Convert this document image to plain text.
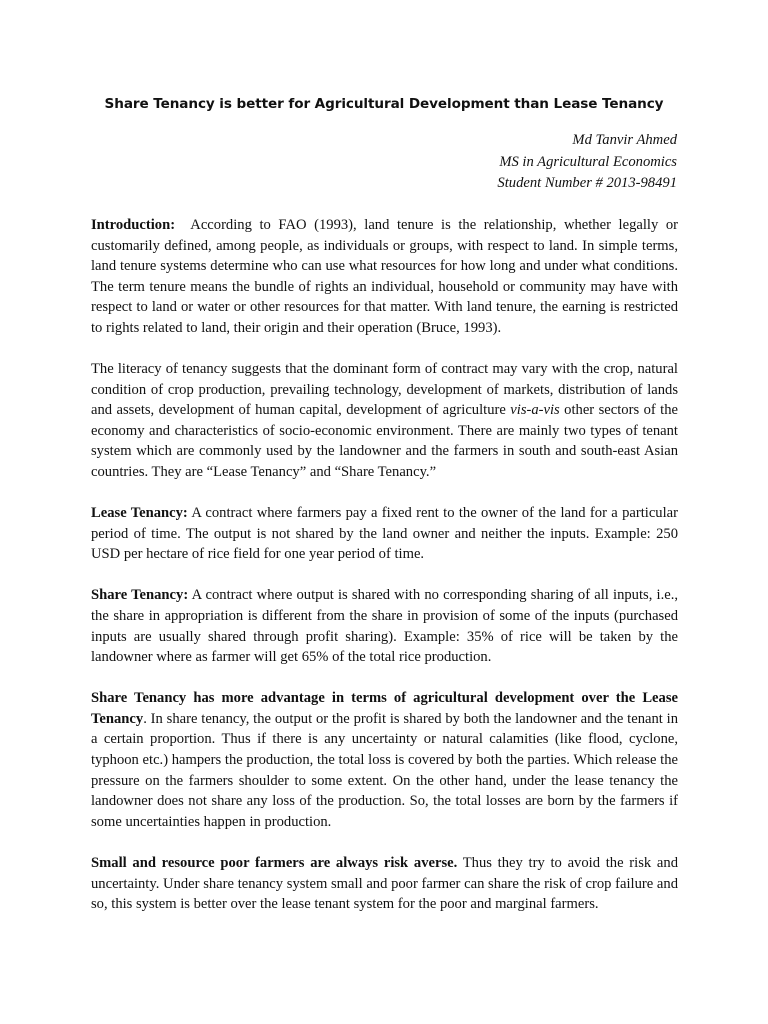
Share Tenancy is better for Agricultural Development than Lease Tenancy
Md Tanvir Ahmed
MS in Agricultural Economics
Student Number # 2013-98491

Introduction: According to FAO (1993), land tenure is the relationship, whether legally or customarily defined, among people, as individuals or groups, with respect to land. In simple terms, land tenure systems determine who can use what resources for how long and under what conditions. The term tenure means the bundle of rights an individual, household or community may have with respect to land or water or other resources for that matter. With land tenure, the earning is restricted to rights related to land, their origin and their operation (Bruce, 1993).

The literacy of tenancy suggests that the dominant form of contract may vary with the crop, natural condition of crop production, prevailing technology, development of markets, distribution of lands and assets, development of human capital, development of agriculture vis-a-vis other sectors of the economy and characteristics of socio-economic environment. There are mainly two types of tenant system which are commonly used by the landowner and the farmers in south and south-east Asian countries. They are “Lease Tenancy” and “Share Tenancy.”

Lease Tenancy: A contract where farmers pay a fixed rent to the owner of the land for a particular period of time. The output is not shared by the land owner and neither the inputs. Example: 250 USD per hectare of rice field for one year period of time.

Share Tenancy: A contract where output is shared with no corresponding sharing of all inputs, i.e., the share in appropriation is different from the share in provision of some of the inputs (purchased inputs are usually shared through profit sharing). Example: 35% of rice will be taken by the landowner where as farmer will get 65% of the total rice production.

Share Tenancy has more advantage in terms of agricultural development over the Lease Tenancy. In share tenancy, the output or the profit is shared by both the landowner and the tenant in a certain proportion. Thus if there is any uncertainty or natural calamities (like flood, cyclone, typhoon etc.) hampers the production, the total loss is covered by both the parties. Which release the pressure on the farmers shoulder to some extent. On the other hand, under the lease tenancy the landowner does not share any loss of the production. So, the total losses are born by the farmers if some uncertainties happen in production.

Small and resource poor farmers are always risk averse. Thus they try to avoid the risk and uncertainty. Under share tenancy system small and poor farmer can share the risk of crop failure and so, this system is better over the lease tenant system for the poor and marginal farmers.
